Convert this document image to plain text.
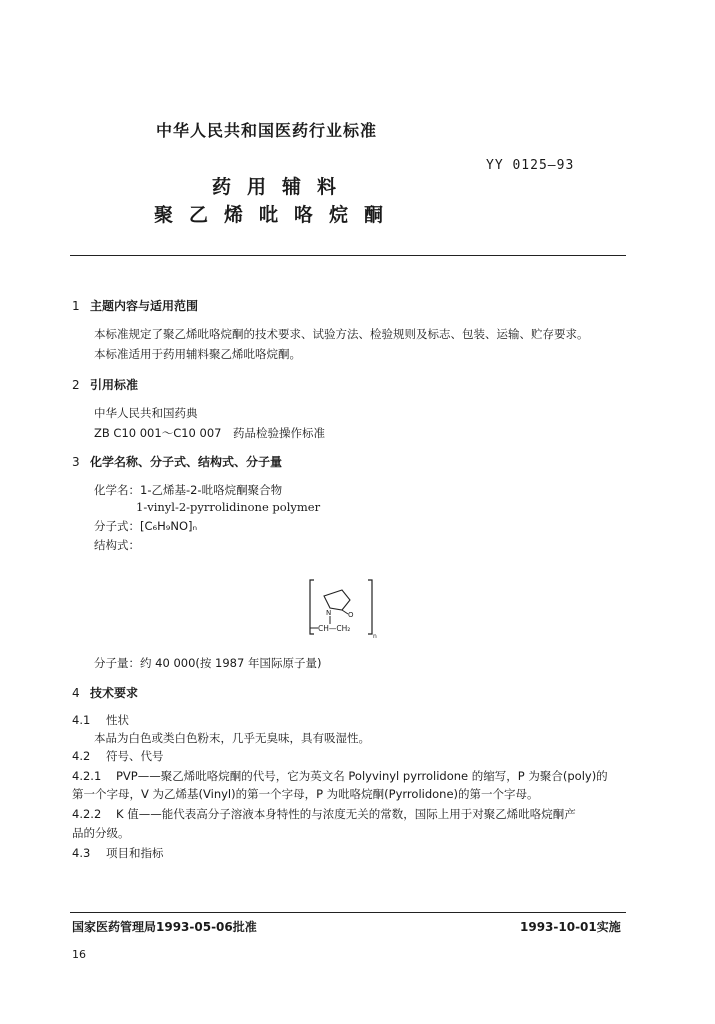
中华人民共和国医药行业标准
YY 0125—93
药用辅料
聚乙烯吡咯烷酮
1 主题内容与适用范围
本标准规定了聚乙烯吡咯烷酮的技术要求、试验方法、检验规则及标志、包装、运输、贮存要求。
本标准适用于药用辅料聚乙烯吡咯烷酮。
2 引用标准
中华人民共和国药典
ZB C10 001～C10 007　药品检验操作标准
3 化学名称、分子式、结构式、分子量
化学名：1-乙烯基-2-吡咯烷酮聚合物
1-vinyl-2-pyrrolidinone polymer
分子式：[C₆H₉NO]ₙ
结构式：
N O
CH—CH₂
n
分子量：约 40 000(按 1987 年国际原子量)
4 技术要求
4.1 性状
本品为白色或类白色粉末，几乎无臭味，具有吸湿性。
4.2 符号、代号
4.2.1 PVP——聚乙烯吡咯烷酮的代号，它为英文名 Polyvinyl pyrrolidone 的缩写，P 为聚合(poly)的
第一个字母，V 为乙烯基(Vinyl)的第一个字母，P 为吡咯烷酮(Pyrrolidone)的第一个字母。
4.2.2 K 值——能代表高分子溶液本身特性的与浓度无关的常数，国际上用于对聚乙烯吡咯烷酮产
品的分级。
4.3 项目和指标
国家医药管理局1993-05-06批准	1993-10-01实施
16
